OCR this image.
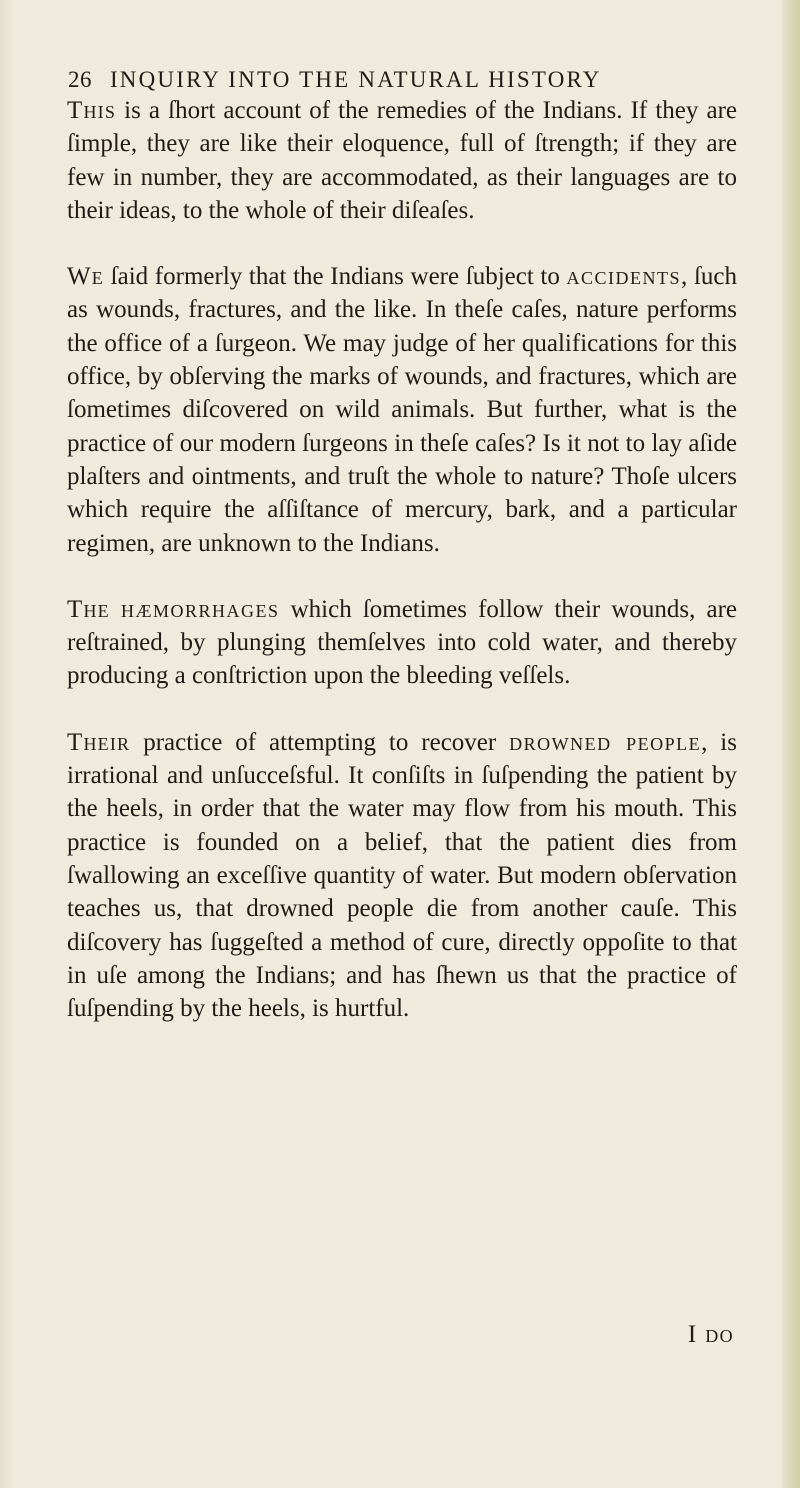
26 INQUIRY INTO THE NATURAL HISTORY

This is a ſhort account of the remedies of the Indians. If they are ſimple, they are like their eloquence, full of ſtrength; if they are few in number, they are accommodated, as their languages are to their ideas, to the whole of their diſeaſes.

We ſaid formerly that the Indians were ſubject to accidents, ſuch as wounds, fractures, and the like. In theſe caſes, nature performs the office of a ſurgeon. We may judge of her qualifications for this office, by obſerving the marks of wounds, and fractures, which are ſometimes diſcovered on wild animals. But further, what is the practice of our modern ſurgeons in theſe caſes? Is it not to lay aſide plaſters and ointments, and truſt the whole to nature? Thoſe ulcers which require the aſſiſtance of mercury, bark, and a particular regimen, are unknown to the Indians.

The hæmorrhages which ſometimes follow their wounds, are reſtrained, by plunging themſelves into cold water, and thereby producing a conſtriction upon the bleeding veſſels.

Their practice of attempting to recover drowned people, is irrational and unſucceſsful. It conſiſts in ſuſpending the patient by the heels, in order that the water may flow from his mouth. This practice is founded on a belief, that the patient dies from ſwallowing an exceſſive quantity of water. But modern obſervation teaches us, that drowned people die from another cauſe. This diſcovery has ſuggeſted a method of cure, directly oppoſite to that in uſe among the Indians; and has ſhewn us that the practice of ſuſpending by the heels, is hurtful.

I do
